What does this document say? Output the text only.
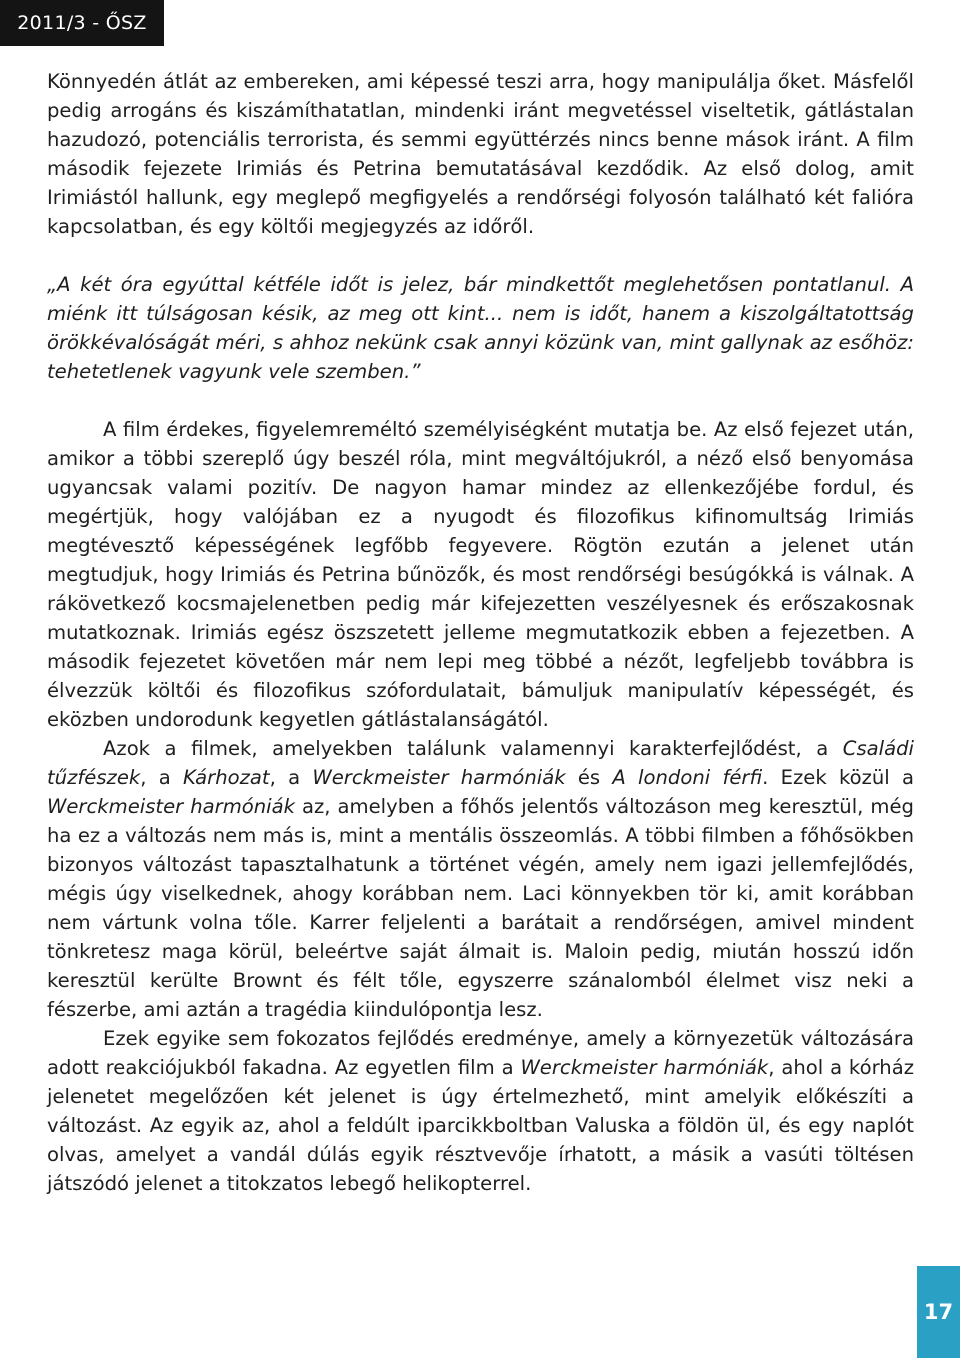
2011/3 - ŐSZ

Könnyedén átlát az embereken, ami képessé teszi arra, hogy manipulálja őket. Másfelől pedig arrogáns és kiszámíthatatlan, mindenki iránt megvetéssel viseltetik, gátlástalan hazudozó, potenciális terrorista, és semmi együttérzés nincs benne mások iránt. A film második fejezete Irimiás és Petrina bemutatásával kezdődik. Az első dolog, amit Irimiástól hallunk, egy meglepő megfigyelés a rendőrségi folyosón található két falióra kapcsolatban, és egy költői megjegyzés az időről.

„A két óra egyúttal kétféle időt is jelez, bár mindkettőt meglehetősen pontatlanul. A miénk itt túlságosan késik, az meg ott kint... nem is időt, hanem a kiszolgáltatottság örökkévalóságát méri, s ahhoz nekünk csak annyi közünk van, mint gallynak az esőhöz: tehetetlenek vagyunk vele szemben.”

A film érdekes, figyelemreméltó személyiségként mutatja be. Az első fejezet után, amikor a többi szereplő úgy beszél róla, mint megváltójukról, a néző első benyomása ugyancsak valami pozitív. De nagyon hamar mindez az ellenkezőjébe fordul, és megértjük, hogy valójában ez a nyugodt és filozofikus kifinomultság Irimiás megtévesztő képességének legfőbb fegyevere. Rögtön ezután a jelenet után megtudjuk, hogy Irimiás és Petrina bűnözők, és most rendőrségi besúgókká is válnak. A rákövetkező kocsmajelenetben pedig már kifejezetten veszélyesnek és erőszakosnak mutatkoznak. Irimiás egész öszszetett jelleme megmutatkozik ebben a fejezetben. A második fejezetet követően már nem lepi meg többé a nézőt, legfeljebb továbbra is élvezzük költői és filozofikus szófordulatait, bámuljuk manipulatív képességét, és eközben undorodunk kegyetlen gátlástalanságától.

Azok a filmek, amelyekben találunk valamennyi karakterfejlődést, a Családi tűzfészek, a Kárhozat, a Werckmeister harmóniák és A londoni férfi. Ezek közül a Werckmeister harmóniák az, amelyben a főhős jelentős változáson meg keresztül, még ha ez a változás nem más is, mint a mentális összeomlás. A többi filmben a főhősökben bizonyos változást tapasztalhatunk a történet végén, amely nem igazi jellemfejlődés, mégis úgy viselkednek, ahogy korábban nem. Laci könnyekben tör ki, amit korábban nem vártunk volna tőle. Karrer feljelenti a barátait a rendőrségen, amivel mindent tönkretesz maga körül, beleértve saját álmait is. Maloin pedig, miután hosszú időn keresztül kerülte Brownt és félt tőle, egyszerre szánalomból élelmet visz neki a fészerbe, ami aztán a tragédia kiindulópontja lesz.

Ezek egyike sem fokozatos fejlődés eredménye, amely a környezetük változására adott reakciójukból fakadna. Az egyetlen film a Werckmeister harmóniák, ahol a kórház jelenetet megelőzően két jelenet is úgy értelmezhető, mint amelyik előkészíti a változást. Az egyik az, ahol a feldúlt iparcikkboltban Valuska a földön ül, és egy naplót olvas, amelyet a vandál dúlás egyik résztvevője írhatott, a másik a vasúti töltésen játszódó jelenet a titokzatos lebegő helikopterrel.

17
